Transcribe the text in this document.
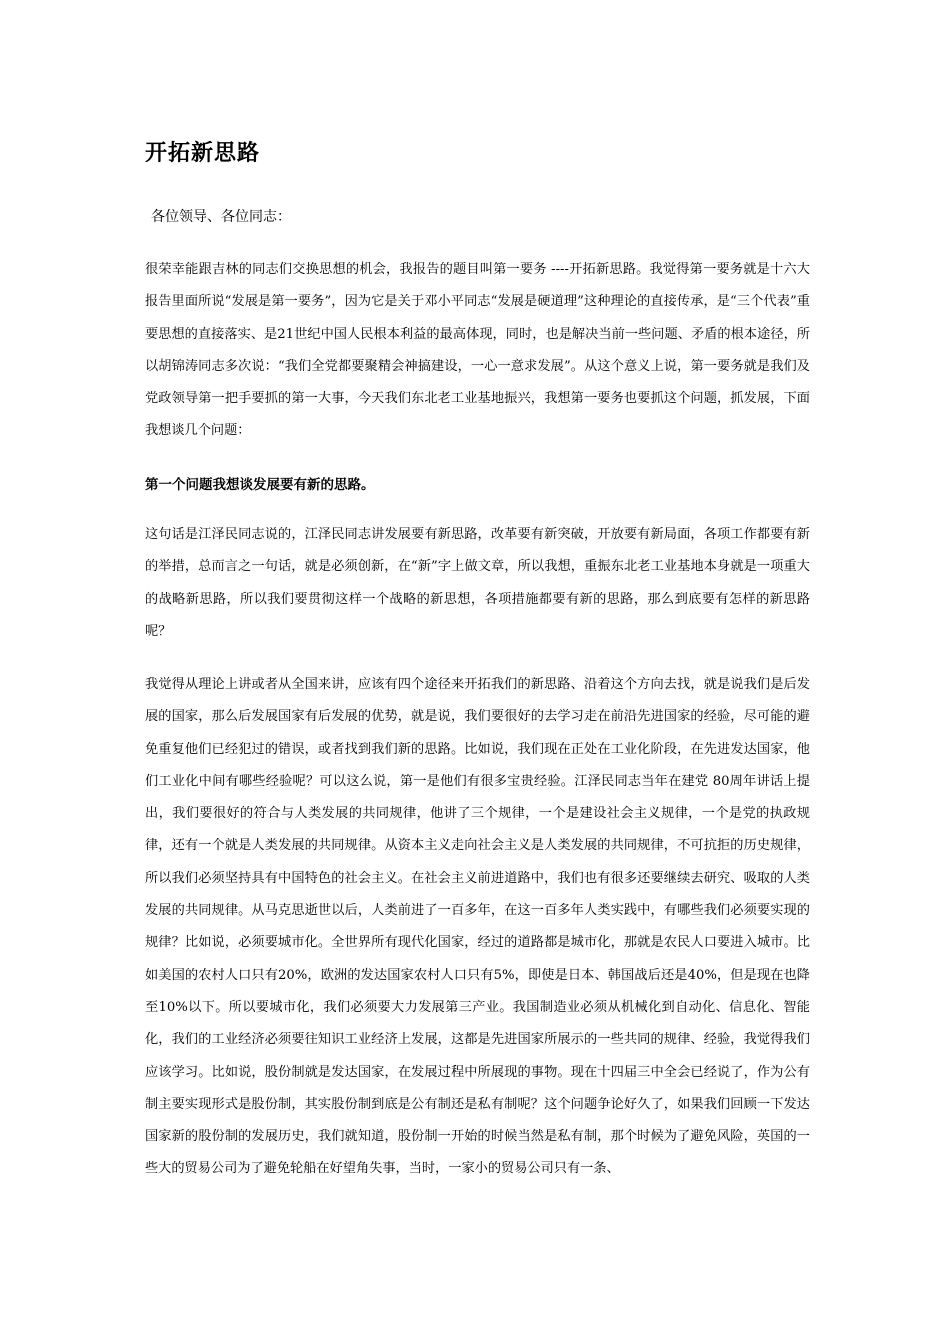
开拓新思路

各位领导、各位同志：

很荣幸能跟吉林的同志们交换思想的机会，我报告的题目叫第一要务 ----开拓新思路。我觉得第一要务就是十六大报告里面所说“发展是第一要务”，因为它是关于邓小平同志“发展是硬道理”这种理论的直接传承，是“三个代表”重要思想的直接落实、是21世纪中国人民根本利益的最高体现，同时，也是解决当前一些问题、矛盾的根本途径，所以胡锦涛同志多次说：“我们全党都要聚精会神搞建设，一心一意求发展”。从这个意义上说，第一要务就是我们及党政领导第一把手要抓的第一大事，今天我们东北老工业基地振兴，我想第一要务也要抓这个问题，抓发展，下面我想谈几个问题：

第一个问题我想谈发展要有新的思路。

这句话是江泽民同志说的，江泽民同志讲发展要有新思路，改革要有新突破，开放要有新局面，各项工作都要有新的举措，总而言之一句话，就是必须创新，在“新”字上做文章，所以我想，重振东北老工业基地本身就是一项重大的战略新思路，所以我们要贯彻这样一个战略的新思想，各项措施都要有新的思路，那么到底要有怎样的新思路呢？

我觉得从理论上讲或者从全国来讲，应该有四个途径来开拓我们的新思路、沿着这个方向去找，就是说我们是后发展的国家，那么后发展国家有后发展的优势，就是说，我们要很好的去学习走在前沿先进国家的经验，尽可能的避免重复他们已经犯过的错误，或者找到我们新的思路。比如说，我们现在正处在工业化阶段，在先进发达国家，他们工业化中间有哪些经验呢？可以这么说，第一是他们有很多宝贵经验。江泽民同志当年在建党 80周年讲话上提出，我们要很好的符合与人类发展的共同规律，他讲了三个规律，一个是建设社会主义规律，一个是党的执政规律，还有一个就是人类发展的共同规律。从资本主义走向社会主义是人类发展的共同规律，不可抗拒的历史规律，所以我们必须坚持具有中国特色的社会主义。在社会主义前进道路中，我们也有很多还要继续去研究、吸取的人类发展的共同规律。从马克思逝世以后，人类前进了一百多年，在这一百多年人类实践中，有哪些我们必须要实现的规律？比如说，必须要城市化。全世界所有现代化国家，经过的道路都是城市化，那就是农民人口要进入城市。比如美国的农村人口只有20%，欧洲的发达国家农村人口只有5%，即使是日本、韩国战后还是40%，但是现在也降至10%以下。所以要城市化，我们必须要大力发展第三产业。我国制造业必须从机械化到自动化、信息化、智能化，我们的工业经济必须要往知识工业经济上发展，这都是先进国家所展示的一些共同的规律、经验，我觉得我们应该学习。比如说，股份制就是发达国家，在发展过程中所展现的事物。现在十四届三中全会已经说了，作为公有制主要实现形式是股份制，其实股份制到底是公有制还是私有制呢？这个问题争论好久了，如果我们回顾一下发达国家新的股份制的发展历史，我们就知道，股份制一开始的时候当然是私有制，那个时候为了避免风险，英国的一些大的贸易公司为了避免轮船在好望角失事，当时，一家小的贸易公司只有一条、
